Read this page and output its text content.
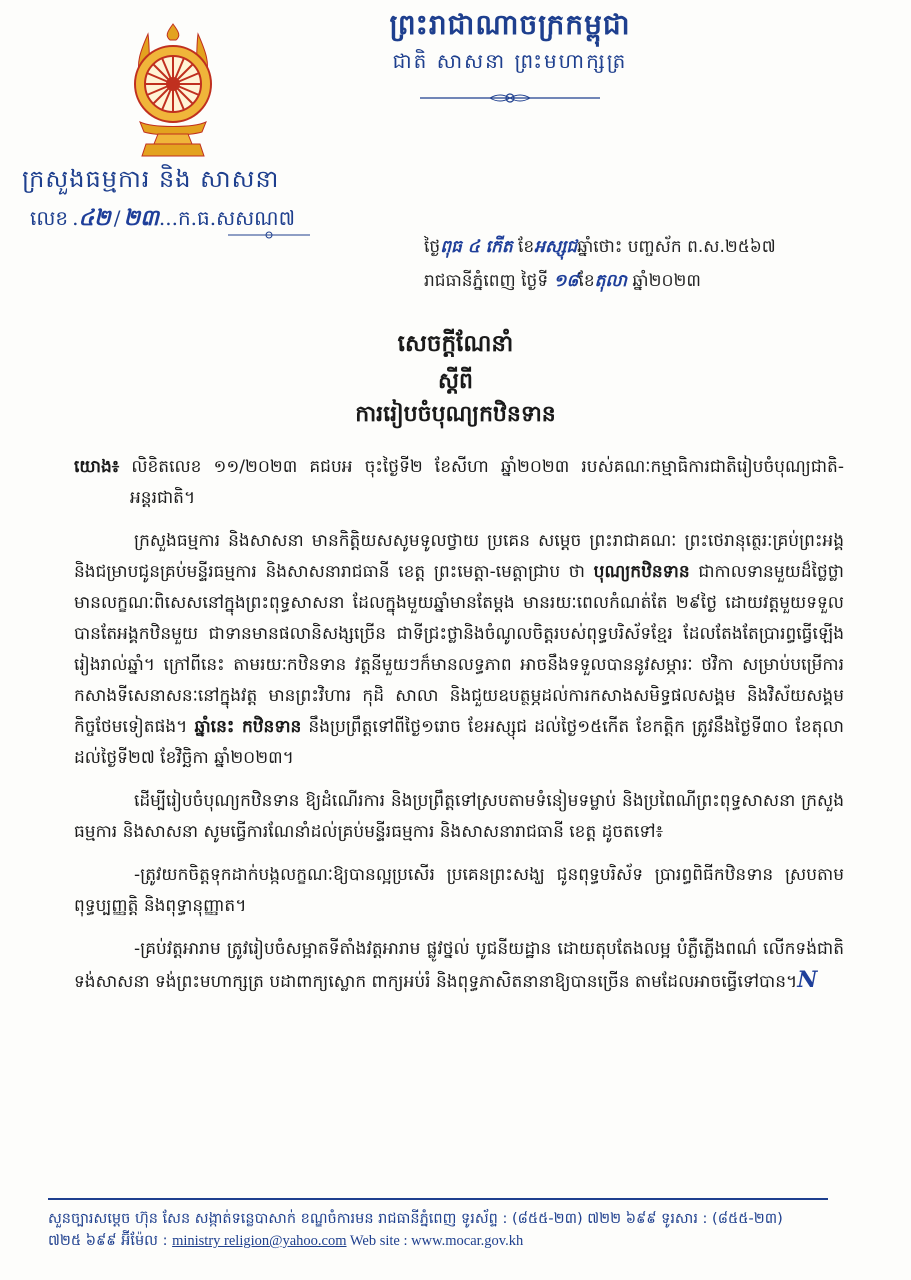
ព្រះរាជាណាចក្រកម្ពុជា
ជាតិ សាសនា ព្រះមហាក្សត្រ
ក្រសួងធម្មការ និង សាសនា
លេខ . ៤២ / ២៣ ... ក.ធ.សសណ៧
ថ្ងៃពុធ ៤ កើត ខែអស្សុជឆ្នាំថោះ បញ្ចស័ក ព.ស.២៥៦៧
រាជធានីភ្នំពេញ ថ្ងៃទី ១៨ខែតុលា ឆ្នាំ២០២៣
សេចក្តីណែនាំ
ស្តីពី
ការរៀបចំបុណ្យកឋិនទាន

យោង៖ លិខិតលេខ ១១/២០២៣ គជបអ ចុះថ្ងៃទី២ ខែសីហា ឆ្នាំ២០២៣ របស់គណៈកម្មាធិការជាតិរៀបចំបុណ្យជាតិ-អន្តរជាតិ។

ក្រសួងធម្មការ និងសាសនា មានកិត្តិយសសូមទូលថ្វាយ ប្រគេន សម្តេច ព្រះរាជាគណៈ ព្រះថេរានុត្ថេរៈគ្រប់ព្រះអង្គ និងជម្រាបជូនគ្រប់មន្ទីរធម្មការ និងសាសនារាជធានី ខេត្ត ព្រះមេត្តា-មេត្តាជ្រាប ថា បុណ្យកឋិនទាន ជាកាលទានមួយដ៏ថ្លៃថ្លា មានលក្ខណៈពិសេសនៅក្នុងព្រះពុទ្ធសាសនា ដែលក្នុងមួយឆ្នាំមានតែម្តង មានរយៈពេលកំណត់តែ ២៩ថ្ងៃ ដោយវត្តមួយទទួលបានតែអង្គកឋិនមួយ ជាទានមានផលានិសង្សច្រើន ជាទីជ្រះថ្លានិងចំណូលចិត្តរបស់ពុទ្ធបរិស័ទខ្មែរ ដែលតែងតែប្រារព្ធធ្វើឡើងរៀងរាល់ឆ្នាំ។ ក្រៅពីនេះ តាមរយៈកឋិនទាន វត្តនីមួយៗក៏មានលទ្ធភាព អាចនឹងទទួលបាននូវសម្ភារៈ ថវិកា សម្រាប់បម្រើការកសាងទីសេនាសនៈនៅក្នុងវត្ត មានព្រះវិហារ កុដិ សាលា និងជួយឧបត្ថម្ភដល់ការកសាងសមិទ្ធផលសង្គម និងវិស័យសង្គមកិច្ចថែមទៀតផង។ ឆ្នាំនេះ កឋិនទាន នឹងប្រព្រឹត្តទៅពីថ្ងៃ១រោច ខែអស្សុជ ដល់ថ្ងៃ១៥កើត ខែកត្តិក ត្រូវនឹងថ្ងៃទី៣០ ខែតុលា ដល់ថ្ងៃទី២៧ ខែវិច្ឆិកា ឆ្នាំ២០២៣។

ដើម្បីរៀបចំបុណ្យកឋិនទាន ឱ្យដំណើរការ និងប្រព្រឹត្តទៅស្របតាមទំនៀមទម្លាប់ និងប្រពៃណីព្រះពុទ្ធសាសនា ក្រសួងធម្មការ និងសាសនា សូមធ្វើការណែនាំដល់គ្រប់មន្ទីរធម្មការ និងសាសនារាជធានី ខេត្ត ដូចតទៅ៖

-ត្រូវយកចិត្តទុកដាក់បង្កលក្ខណៈឱ្យបានល្អប្រសើរ ប្រគេនព្រះសង្ឃ ជូនពុទ្ធបរិស័ទ ប្រារព្ធពិធីកឋិនទាន ស្របតាមពុទ្ធប្បញ្ញត្តិ និងពុទ្ធានុញ្ញាត។

-គ្រប់វត្តអារាម ត្រូវរៀបចំសម្អាតទីតាំងវត្តអារាម ផ្លូវថ្នល់ បូជនីយដ្ឋាន ដោយតុបតែងលម្អ បំភ្លឺភ្លើងពណ៌ លើកទង់ជាតិ ទង់សាសនា ទង់ព្រះមហាក្សត្រ បដាពាក្យស្លោក ពាក្យអប់រំ និងពុទ្ធភាសិតនានាឱ្យបានច្រើន តាមដែលអាចធ្វើទៅបាន។N

សួនច្បារសម្តេច ហ៊ុន សែន សង្កាត់ទន្លេបាសាក់ ខណ្ឌចំការមន រាជធានីភ្នំពេញ ទូរស័ព្ទ : (៨៥៥-២៣) ៧២២ ៦៩៩ ទូរសារ : (៨៥៥-២៣)
៧២៥ ៦៩៩ អ៊ីម៉ែល : ministry religion@yahoo.com Web site : www.mocar.gov.kh
